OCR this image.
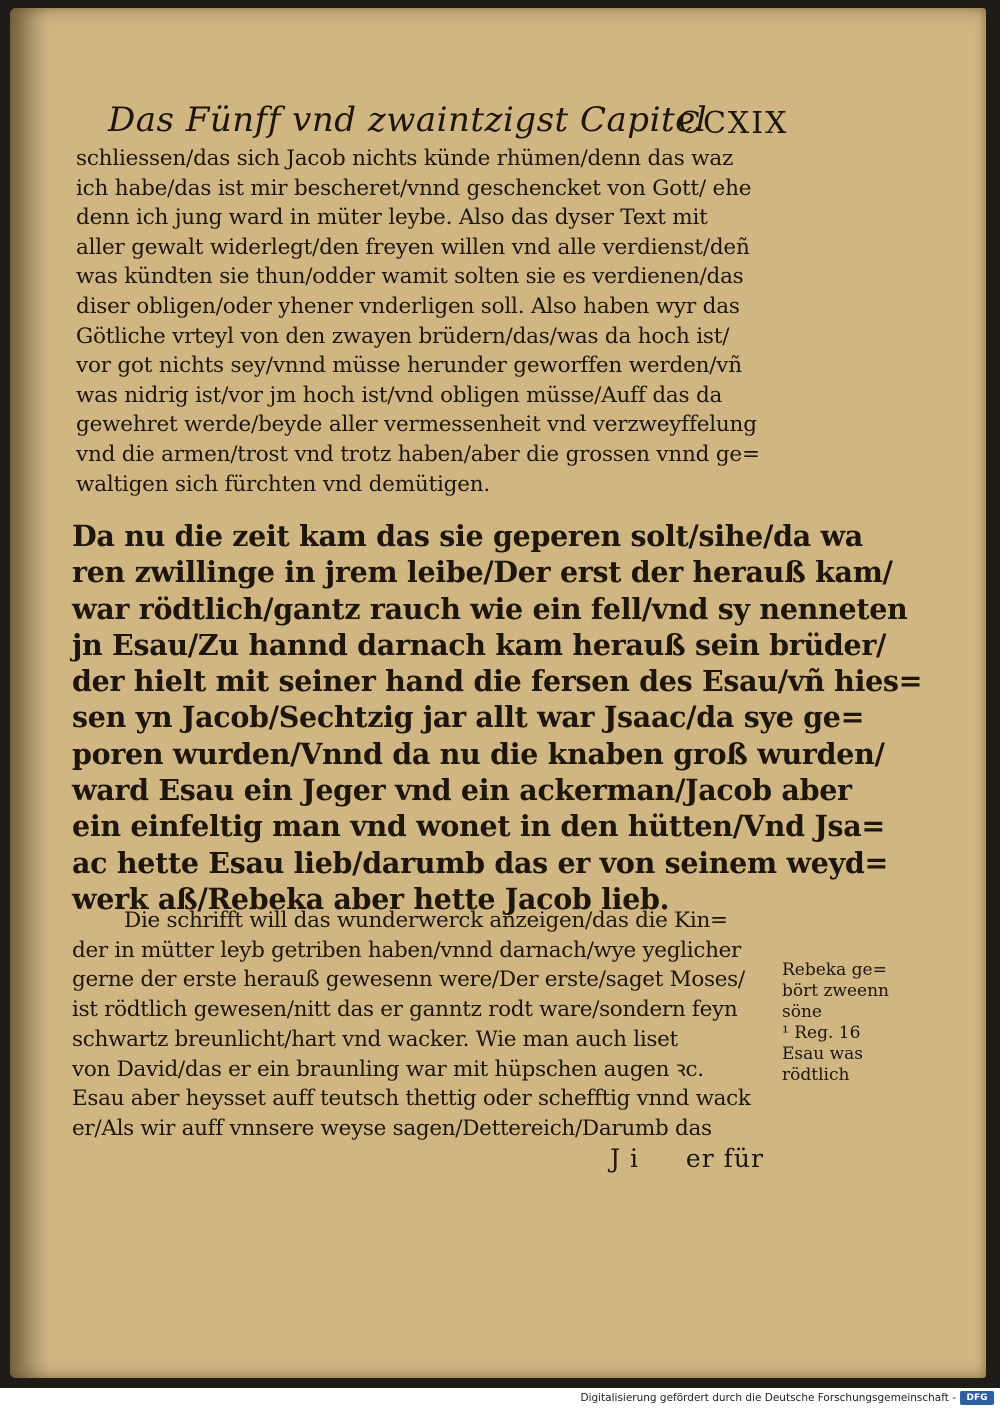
Das Fünff vnd zwaintzigst Capitel
CCXIX
schliessen/das sich Jacob nichts künde rhümen/denn das waz
ich habe/das ist mir bescheret/vnnd geschencket von Gott/ ehe
denn ich jung ward in müter leybe. Also das dyser Text mit
aller gewalt widerlegt/den freyen willen vnd alle verdienst/deñ
was kündten sie thun/odder wamit solten sie es verdienen/das
diser obligen/oder yhener vnderligen soll. Also haben wyr das
Götliche vrteyl von den zwayen brüdern/das/was da hoch ist/
vor got nichts sey/vnnd müsse herunder geworffen werden/vñ
was nidrig ist/vor jm hoch ist/vnd obligen müsse/Auff das da
gewehret werde/beyde aller vermessenheit vnd verzweyffelung
vnd die armen/trost vnd trotz haben/aber die grossen vnnd ge=
waltigen sich fürchten vnd demütigen.
Da nu die zeit kam das sie geperen solt/sihe/da wa
ren zwillinge in jrem leibe/Der erst der herauß kam/
war rödtlich/gantz rauch wie ein fell/vnd sy nenneten
jn Esau/Zu hannd darnach kam herauß sein brüder/
der hielt mit seiner hand die fersen des Esau/vñ hies=
sen yn Jacob/Sechtzig jar allt war Jsaac/da sye ge=
poren wurden/Vnnd da nu die knaben groß wurden/
ward Esau ein Jeger vnd ein ackerman/Jacob aber
ein einfeltig man vnd wonet in den hütten/Vnd Jsa=
ac hette Esau lieb/darumb das er von seinem weyd=
werk aß/Rebeka aber hette Jacob lieb.
Die schrifft will das wunderwerck anzeigen/das die Kin=
der in mütter leyb getriben haben/vnnd darnach/wye yeglicher
gerne der erste herauß gewesenn were/Der erste/saget Moses/
ist rödtlich gewesen/nitt das er ganntz rodt ware/sondern feyn
schwartz breunlicht/hart vnd wacker. Wie man auch liset
von David/das er ein braunling war mit hüpschen augen ꝛc.
Esau aber heysset auff teutsch thettig oder schefftig vnnd wack
er/Als wir auff vnnsere weyse sagen/Dettereich/Darumb das
J i er für
Rebeka ge=
bört zweenn
söne
¹ Reg. 16
Esau was
rödtlich
Digitalisierung gefördert durch die Deutsche Forschungsgemeinschaft -	DFG
